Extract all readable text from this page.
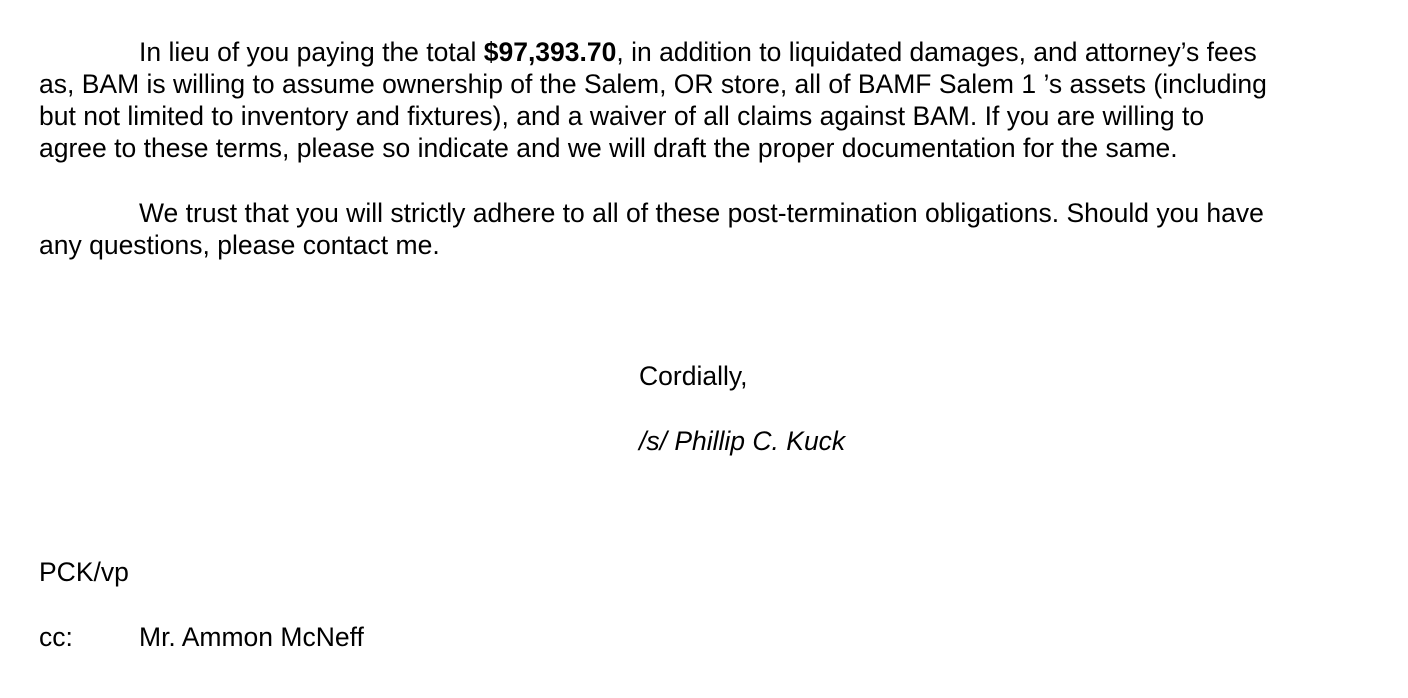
In lieu of you paying the total $97,393.70, in addition to liquidated damages, and attorney’s fees
as, BAM is willing to assume ownership of the Salem, OR store, all of BAMF Salem 1 ’s assets (including
but not limited to inventory and fixtures), and a waiver of all claims against BAM. If you are willing to
agree to these terms, please so indicate and we will draft the proper documentation for the same.

We trust that you will strictly adhere to all of these post-termination obligations. Should you have
any questions, please contact me.

Cordially,
/s/ Phillip C. Kuck
PCK/vp
cc: Mr. Ammon McNeff
